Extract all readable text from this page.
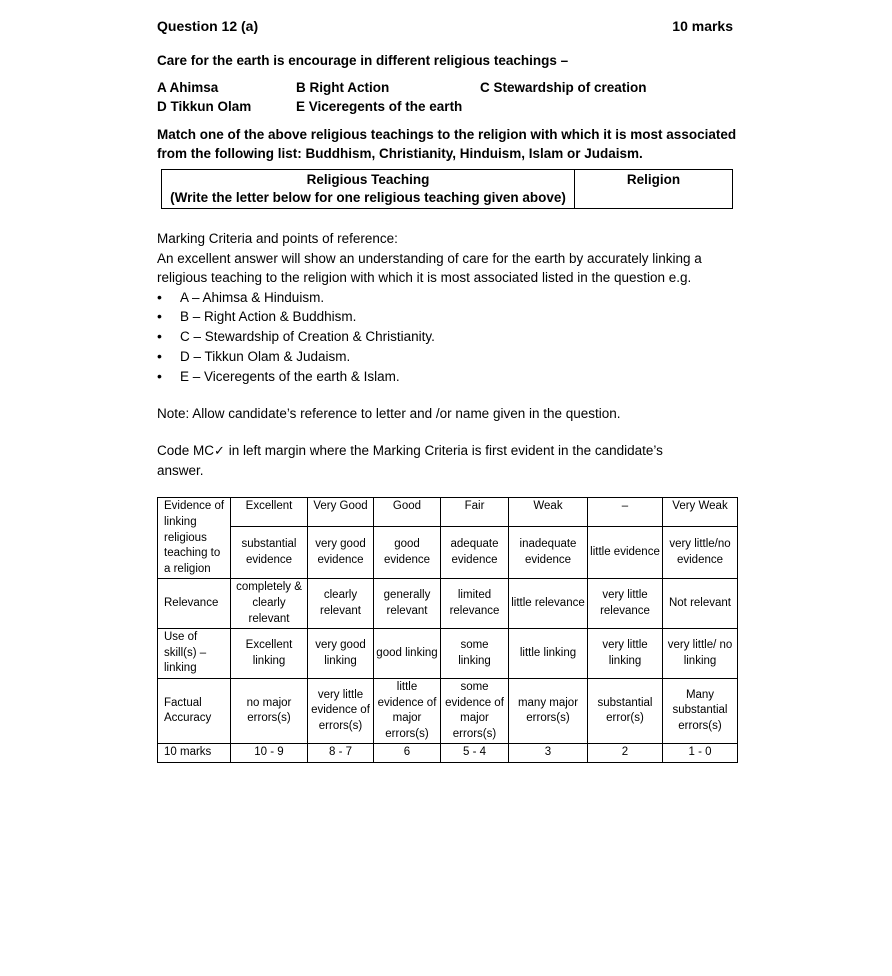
Question 12 (a)	10 marks
Care for the earth is encourage in different religious teachings –
A Ahimsa	B Right Action	C Stewardship of creation
D Tikkun Olam	E Viceregents of the earth
Match one of the above religious teachings to the religion with which it is most associated
from the following list: Buddhism, Christianity, Hinduism, Islam or Judaism.
Religious Teaching
(Write the letter below for one religious teaching given above)
	Religion
Marking Criteria and points of reference:
An excellent answer will show an understanding of care for the earth by accurately linking a
religious teaching to the religion with which it is most associated listed in the question e.g.
• A – Ahimsa & Hinduism.
• B – Right Action & Buddhism.
• C – Stewardship of Creation & Christianity.
• D – Tikkun Olam & Judaism.
• E – Viceregents of the earth & Islam.
Note: Allow candidate’s reference to letter and /or name given in the question.
Code MC✓ in left margin where the Marking Criteria is first evident in the candidate’s
answer.
Evidence of linking religious teaching to a religion	Excellent	Very Good	Good	Fair	Weak	–	Very Weak
	substantial evidence	very good evidence	good evidence	adequate evidence	inadequate evidence	little evidence	very little/no evidence
Relevance	completely & clearly relevant	clearly relevant	generally relevant	limited relevance	little relevance	very little relevance	Not relevant
Use of skill(s) – linking	Excellent linking	very good linking	good linking	some linking	little linking	very little linking	very little/ no linking
Factual Accuracy	no major errors(s)	very little evidence of errors(s)	little evidence of major errors(s)	some evidence of major errors(s)	many major errors(s)	substantial error(s)	Many substantial errors(s)
10 marks	10 - 9	8 - 7	6	5 - 4	3	2	1 - 0
